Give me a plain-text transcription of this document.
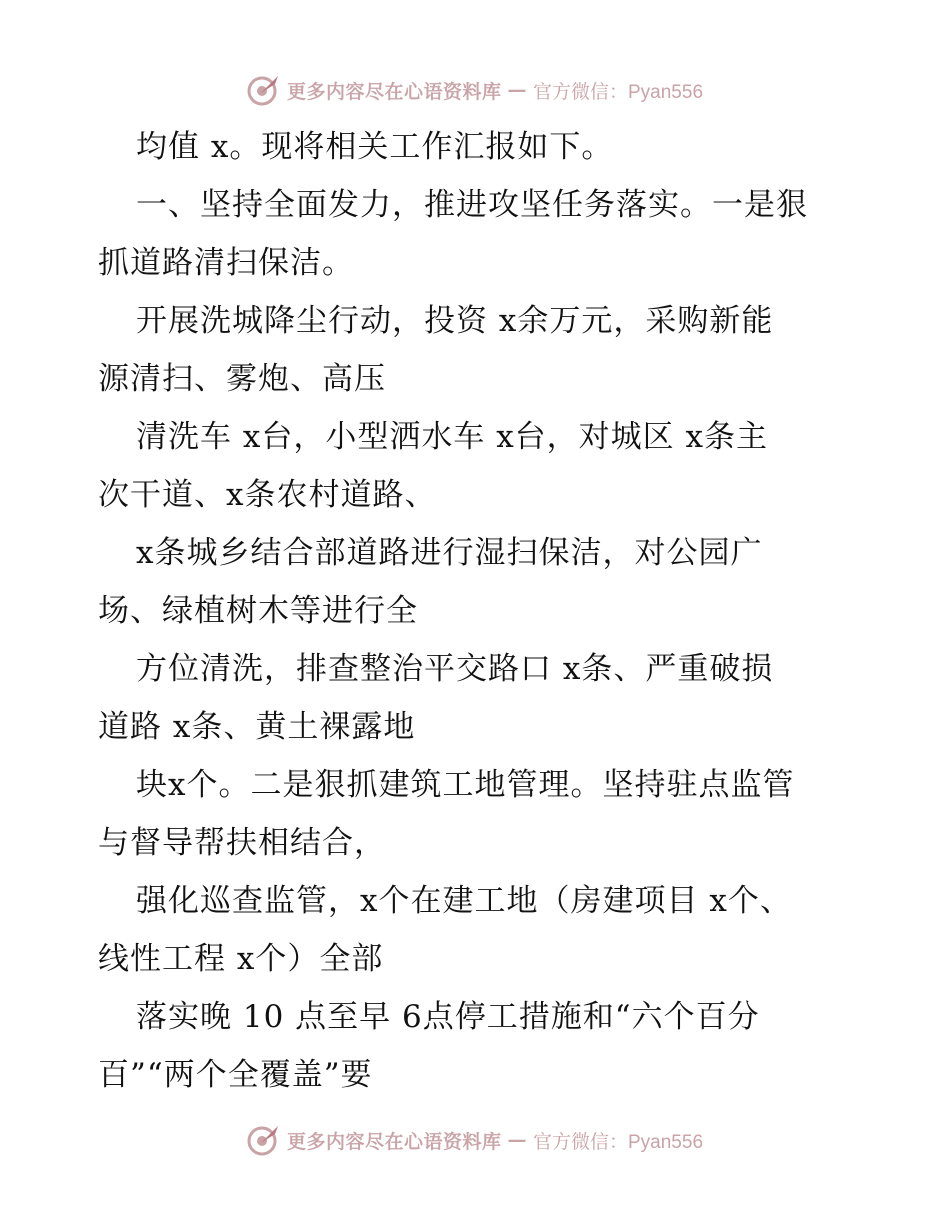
更多内容尽在心语资料库 — 官方微信：Pyan556
均值 x。现将相关工作汇报如下。
一、坚持全面发力，推进攻坚任务落实。一是狠
抓道路清扫保洁。
开展洗城降尘行动，投资 x余万元，采购新能
源清扫、雾炮、高压
清洗车 x台，小型洒水车 x台，对城区 x条主
次干道、x条农村道路、
x条城乡结合部道路进行湿扫保洁，对公园广
场、绿植树木等进行全
方位清洗，排查整治平交路口 x条、严重破损
道路 x条、黄土裸露地
块x个。二是狠抓建筑工地管理。坚持驻点监管
与督导帮扶相结合，
强化巡查监管，x个在建工地（房建项目 x个、
线性工程 x个）全部
落实晚 10 点至早 6点停工措施和“六个百分
百”“两个全覆盖”要
更多内容尽在心语资料库 — 官方微信：Pyan556
